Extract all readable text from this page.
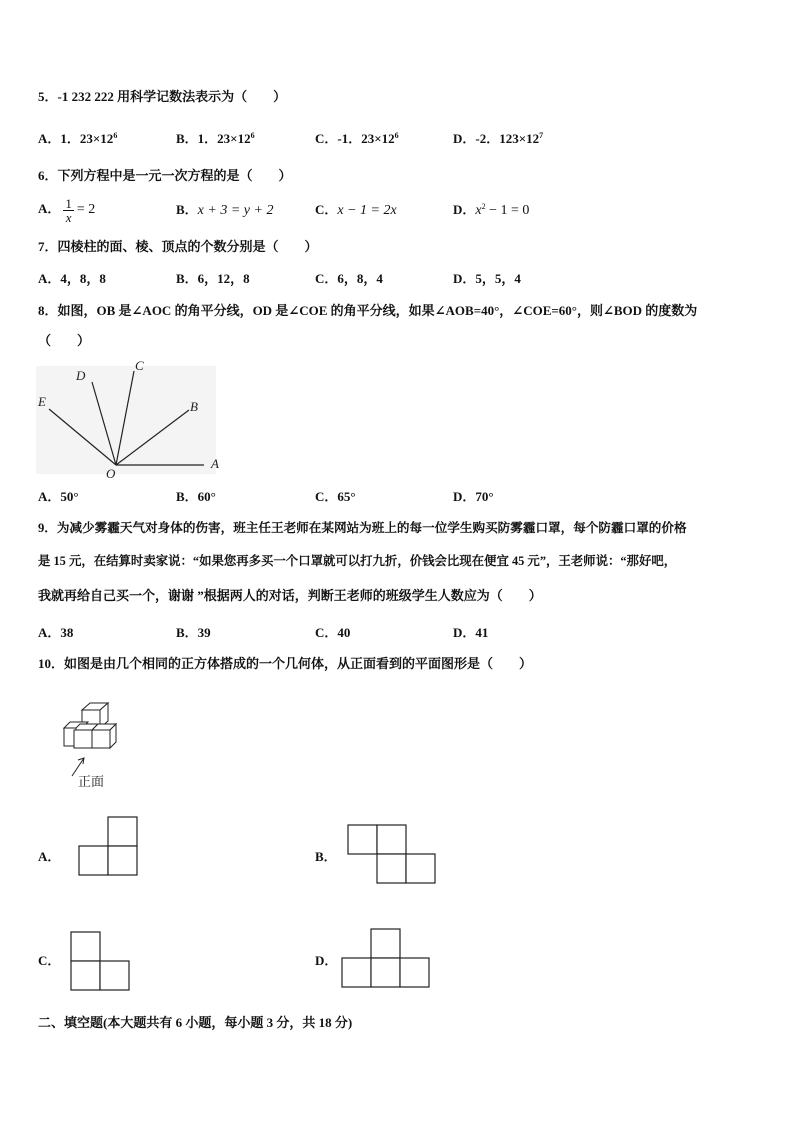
5．-1 232 222 用科学记数法表示为（　　）
A．1．$23\times 12^6$	B．1．$23\times 12^6$	C．-1．$23\times 12^6$	D．-2．$123\times 12^7$
6．下列方程中是一元一次方程的是（　　）
A． $\frac{1}{x} = 2$	B．x + 3 = y + 2	C．x − 1 = 2x	D．$x^2 - 1 = 0$
7．四棱柱的面、棱、顶点的个数分别是（　　）
A．4，8，8	B．6，12，8	C．6，8，4	D．5，5，4
8．如图，OB 是∠AOC 的角平分线，OD 是∠COE 的角平分线，如果∠AOB=40°，∠COE=60°，则∠BOD 的度数为
（　　）
E
D
C
B
A
O
A．50°	B．60°	C．65°	D．70°
9．为减少雾霾天气对身体的伤害，班主任王老师在某网站为班上的每一位学生购买防雾霾口罩，每个防霾口罩的价格
是 15 元，在结算时卖家说：“如果您再多买一个口罩就可以打九折，价钱会比现在便宜 45 元”，王老师说：“那好吧，
我就再给自己买一个，谢谢 ”根据两人的对话，判断王老师的班级学生人数应为（　　）
A．38	B．39	C．40	D．41
10．如图是由几个相同的正方体搭成的一个几何体，从正面看到的平面图形是（　　）
正面
A．	B．
C．	D．
二、填空题(本大题共有 6 小题，每小题 3 分，共 18 分)
